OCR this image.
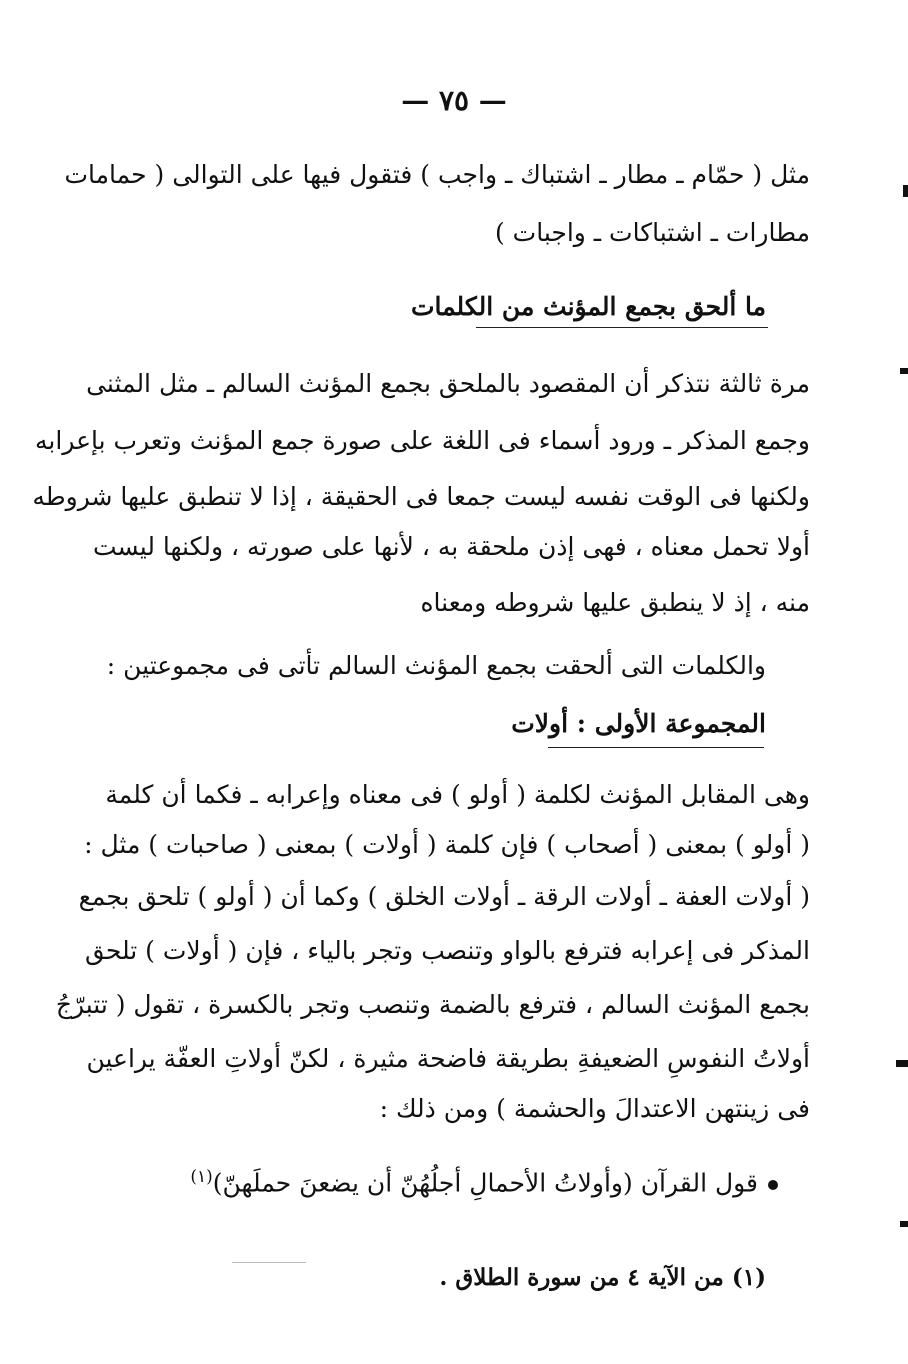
— ٧٥ —
مثل ( حمّام ـ مطار ـ اشتباك ـ واجب ) فتقول فيها على التوالى ( حمامات
مطارات ـ اشتباكات ـ واجبات )
ما ألحق بجمع المؤنث من الكلمات
مرة ثالثة نتذكر أن المقصود بالملحق بجمع المؤنث السالم ـ مثل المثنى
وجمع المذكر ـ ورود أسماء فى اللغة على صورة جمع المؤنث وتعرب بإعرابه
ولكنها فى الوقت نفسه ليست جمعا فى الحقيقة ، إذا لا تنطبق عليها شروطه
أولا تحمل معناه ، فهى إذن ملحقة به ، لأنها على صورته ، ولكنها ليست
منه ، إذ لا ينطبق عليها شروطه ومعناه
والكلمات التى ألحقت بجمع المؤنث السالم تأتى فى مجموعتين :
المجموعة الأولى : أولات
وهى المقابل المؤنث لكلمة ( أولو ) فى معناه وإعرابه ـ فكما أن كلمة
( أولو ) بمعنى ( أصحاب ) فإن كلمة ( أولات ) بمعنى ( صاحبات ) مثل :
( أولات العفة ـ أولات الرقة ـ أولات الخلق ) وكما أن ( أولو ) تلحق بجمع
المذكر فى إعرابه فترفع بالواو وتنصب وتجر بالياء ، فإن ( أولات ) تلحق
بجمع المؤنث السالم ، فترفع بالضمة وتنصب وتجر بالكسرة ، تقول ( تتبرّجُ
أولاتُ النفوسِ الضعيفةِ بطريقة فاضحة مثيرة ، لكنّ أولاتِ العفّة يراعين
فى زينتهن الاعتدالَ والحشمة ) ومن ذلك :
قول القرآن (وأولاتُ الأحمالِ أجلُهُنّ أن يضعنَ حملَهنّ)$^{(١)}$
(١) من الآية ٤ من سورة الطلاق .
